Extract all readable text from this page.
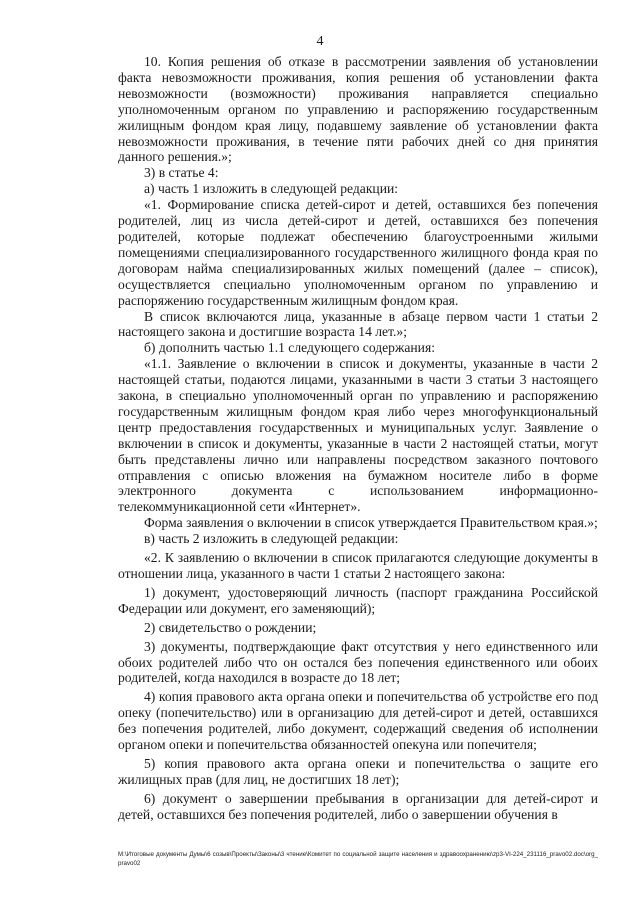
4

10. Копия решения об отказе в рассмотрении заявления об установлении факта невозможности проживания, копия решения об установлении факта невозможности (возможности) проживания направляется специально уполномоченным органом по управлению и распоряжению государственным жилищным фондом края лицу, подавшему заявление об установлении факта невозможности проживания, в течение пяти рабочих дней со дня принятия данного решения.»;

3) в статье 4:

а) часть 1 изложить в следующей редакции:

«1. Формирование списка детей-сирот и детей, оставшихся без попечения родителей, лиц из числа детей-сирот и детей, оставшихся без попечения родителей, которые подлежат обеспечению благоустроенными жилыми помещениями специализированного государственного жилищного фонда края по договорам найма специализированных жилых помещений (далее – список), осуществляется специально уполномоченным органом по управлению и распоряжению государственным жилищным фондом края.

В список включаются лица, указанные в абзаце первом части 1 статьи 2 настоящего закона и достигшие возраста 14 лет.»;

б) дополнить частью 1.1 следующего содержания:

«1.1. Заявление о включении в список и документы, указанные в части 2 настоящей статьи, подаются лицами, указанными в части 3 статьи 3 настоящего закона, в специально уполномоченный орган по управлению и распоряжению государственным жилищным фондом края либо через многофункциональный центр предоставления государственных и муниципальных услуг. Заявление о включении в список и документы, указанные в части 2 настоящей статьи, могут быть представлены лично или направлены посредством заказного почтового отправления с описью вложения на бумажном носителе либо в форме электронного документа с использованием информационно-телекоммуникационной сети «Интернет».

Форма заявления о включении в список утверждается Правительством края.»;

в) часть 2 изложить в следующей редакции:

«2. К заявлению о включении в список прилагаются следующие документы в отношении лица, указанного в части 1 статьи 2 настоящего закона:

1) документ, удостоверяющий личность (паспорт гражданина Российской Федерации или документ, его заменяющий);

2) свидетельство о рождении;

3) документы, подтверждающие факт отсутствия у него единственного или обоих родителей либо что он остался без попечения единственного или обоих родителей, когда находился в возрасте до 18 лет;

4) копия правового акта органа опеки и попечительства об устройстве его под опеку (попечительство) или в организацию для детей-сирот и детей, оставшихся без попечения родителей, либо документ, содержащий сведения об исполнении органом опеки и попечительства обязанностей опекуна или попечителя;

5) копия правового акта органа опеки и попечительства о защите его жилищных прав (для лиц, не достигших 18 лет);

6) документ о завершении пребывания в организации для детей-сирот и детей, оставшихся без попечения родителей, либо о завершении обучения в

M:\Итоговые документы Думы\6 созыв\Проекты\Законы\3 чтение\Комитет по социальной защите населения и здравоохранению\zp3-VI-224_231116_pravo02.doc\org_pravo02
